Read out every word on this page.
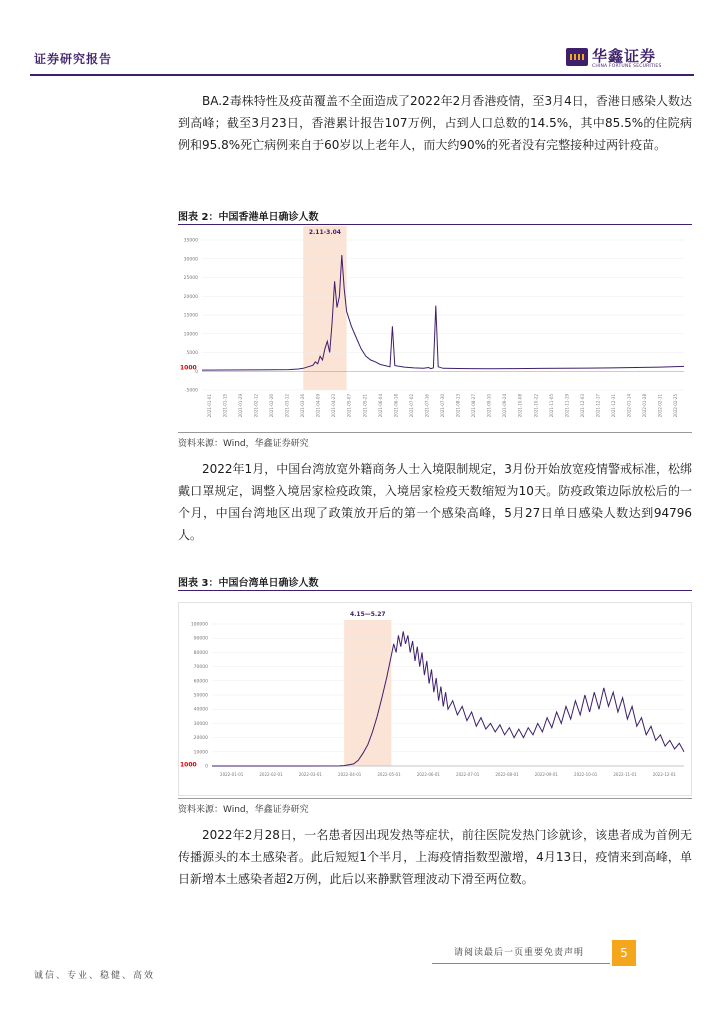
证券研究报告	华鑫证券
CHINA FORTUNE SECURITIES

BA.2毒株特性及疫苗覆盖不全面造成了2022年2月香港疫情，至3月4日，香港日感染人数达到高峰；截至3月23日，香港累计报告107万例，占到人口总数的14.5%，其中85.5%的住院病例和95.8%死亡病例来自于60岁以上老年人，而大约90%的死者没有完整接种过两针疫苗。

图表 2：中国香港单日确诊人数
2.11-3.04
35000
30000
25000
20000
15000
10000
5000
0
-5000
1000
2021-01-01	2021-01-15	2021-01-29	2021-02-12	2021-02-26	2021-03-12	2021-03-26	2021-04-09	2021-04-23	2021-05-07	2021-05-21	2021-06-04	2021-06-18	2021-07-02	2021-07-16	2021-07-30	2021-08-13	2021-08-27	2021-09-10	2021-09-24	2021-10-08	2021-10-22	2021-11-05	2021-11-19	2021-12-03	2021-12-17	2021-12-31	2022-01-14	2022-01-28	2022-02-11	2022-02-25
资料来源：Wind，华鑫证券研究

2022年1月，中国台湾放宽外籍商务人士入境限制规定，3月份开始放宽疫情警戒标准，松绑戴口罩规定，调整入境居家检疫政策，入境居家检疫天数缩短为10天。防疫政策边际放松后的一个月，中国台湾地区出现了政策放开后的第一个感染高峰，5月27日单日感染人数达到94796人。

图表 3：中国台湾单日确诊人数
4.15—5.27
100000
90000
80000
70000
60000
50000
40000
30000
20000
10000
0
1000
2022-01-01	2022-02-01	2022-03-01	2022-04-01	2022-05-01	2022-06-01	2022-07-01	2022-08-01	2022-09-01	2022-10-01	2022-11-01	2022-12-01
资料来源：Wind，华鑫证券研究

2022年2月28日，一名患者因出现发热等症状，前往医院发热门诊就诊，该患者成为首例无传播源头的本土感染者。此后短短1个半月，上海疫情指数型激增，4月13日，疫情来到高峰，单日新增本土感染者超2万例，此后以来静默管理波动下滑至两位数。

请阅读最后一页重要免责声明	5
诚信、专业、稳健、高效
